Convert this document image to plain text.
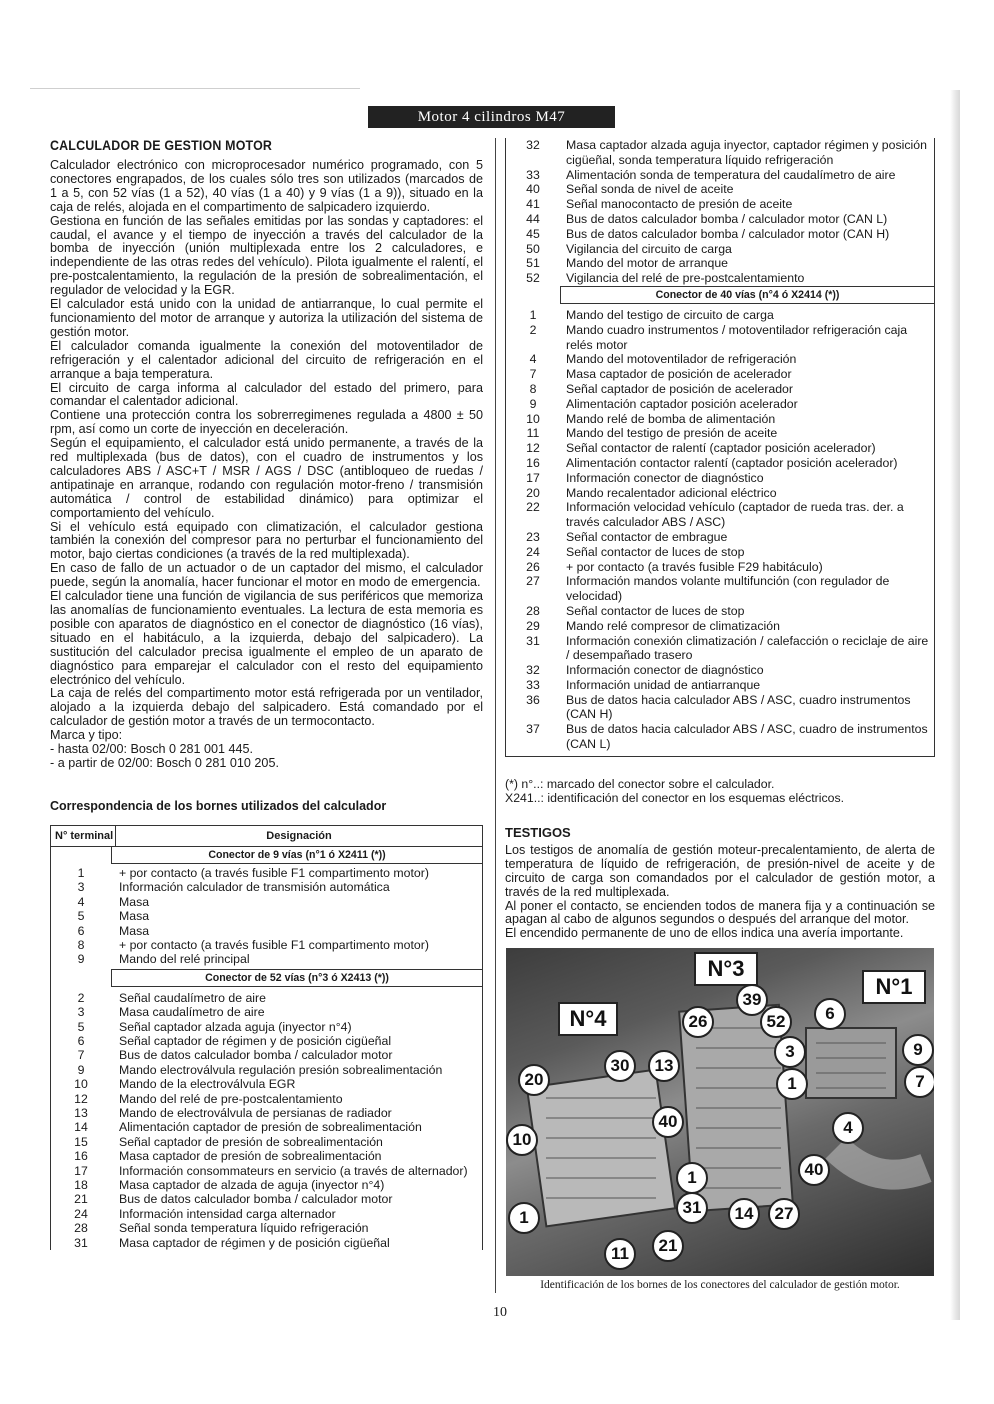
Motor 4 cilindros M47
CALCULADOR DE GESTION MOTOR

Calculador electrónico con microprocesador numérico programado, con 5 conectores engrapados, de los cuales sólo tres son utilizados (marcados de 1 a 5, con 52 vías (1 a 52), 40 vías (1 a 40) y 9 vías (1 a 9)), situado en la caja de relés, alojada en el compartimento de salpicadero izquierdo.

Gestiona en función de las señales emitidas por las sondas y captadores: el caudal, el avance y el tiempo de inyección a través del calculador de la bomba de inyección (unión multiplexada entre los 2 calculadores, e independiente de las otras redes del vehículo). Pilota igualmente el ralentí, el pre-postcalentamiento, la regulación de la presión de sobrealimentación, el regulador de velocidad y la EGR.

El calculador está unido con la unidad de antiarranque, lo cual permite el funcionamiento del motor de arranque y autoriza la utilización del sistema de gestión motor.

El calculador comanda igualmente la conexión del motoventilador de refrigeración y el calentador adicional del circuito de refrigeración en el arranque a baja temperatura.

El circuito de carga informa al calculador del estado del primero, para comandar el calentador adicional.

Contiene una protección contra los sobrerregimenes regulada a 4800 ± 50 rpm, así como un corte de inyección en deceleración.

Según el equipamiento, el calculador está unido permanente, a través de la red multiplexada (bus de datos), con el cuadro de instrumentos y los calculadores ABS / ASC+T / MSR / AGS / DSC (antibloqueo de ruedas / antipatinaje en arranque, rodando con regulación motor-freno / transmisión automática / control de estabilidad dinámico) para optimizar el comportamiento del vehículo.

Si el vehículo está equipado con climatización, el calculador gestiona también la conexión del compresor para no perturbar el funcionamiento del motor, bajo ciertas condiciones (a través de la red multiplexada).

En caso de fallo de un actuador o de un captador del mismo, el calculador puede, según la anomalía, hacer funcionar el motor en modo de emergencia.

El calculador tiene una función de vigilancia de sus periféricos que memoriza las anomalías de funcionamiento eventuales. La lectura de esta memoria es posible con aparatos de diagnóstico en el conector de diagnóstico (16 vías), situado en el habitáculo, a la izquierda, debajo del salpicadero). La sustitución del calculador precisa igualmente el empleo de un aparato de diagnóstico para emparejar el calculador con el resto del equipamiento electrónico del vehículo.

La caja de relés del compartimento motor está refrigerada por un ventilador, alojado a la izquierda debajo del salpicadero. Está comandado por el calculador de gestión motor a través de un termocontacto.

Marca y tipo:

- hasta 02/00: Bosch 0 281 001 445.

- a partir de 02/00: Bosch 0 281 010 205.

Correspondencia de los bornes utilizados del calculador
N° terminal	Designación
Conector de 9 vías (n°1 ó X2411 (*))
1	+ por contacto (a través fusible F1 compartimento motor)
3	Información calculador de transmisión automática
4	Masa
5	Masa
6	Masa
8	+ por contacto (a través fusible F1 compartimento motor)
9	Mando del relé principal
Conector de 52 vías (n°3 ó X2413 (*))
2	Señal caudalímetro de aire
3	Masa caudalímetro de aire
5	Señal captador alzada aguja (inyector n°4)
6	Señal captador de régimen y de posición cigüeñal
7	Bus de datos calculador bomba / calculador motor
9	Mando electroválvula regulación presión sobrealimentación
10	Mando de la electroválvula EGR
12	Mando del relé de pre-postcalentamiento
13	Mando de electroválvula de persianas de radiador
14	Alimentación captador de presión de sobrealimentación
15	Señal captador de presión de sobrealimentación
16	Masa captador de presión de sobrealimentación
17	Información consommateurs en servicio (a través de alternador)
18	Masa captador de alzada de aguja (inyector n°4)
21	Bus de datos calculador bomba / calculador motor
24	Información intensidad carga alternador
28	Señal sonda temperatura líquido refrigeración
31	Masa captador de régimen y de posición cigüeñal
32	Masa captador alzada aguja inyector, captador régimen y posición cigüeñal, sonda temperatura líquido refrigeración
33	Alimentación sonda de temperatura del caudalímetro de aire
40	Señal sonda de nivel de aceite
41	Señal manocontacto de presión de aceite
44	Bus de datos calculador bomba / calculador motor (CAN L)
45	Bus de datos calculador bomba / calculador motor (CAN H)
50	Vigilancia del circuito de carga
51	Mando del motor de arranque
52	Vigilancia del relé de pre-postcalentamiento
Conector de 40 vías (n°4 ó X2414 (*))
1	Mando del testigo de circuito de carga
2	Mando cuadro instrumentos / motoventilador refrigeración caja relés motor
4	Mando del motoventilador de refrigeración
7	Masa captador de posición de acelerador
8	Señal captador de posición de acelerador
9	Alimentación captador posición acelerador
10	Mando relé de bomba de alimentación
11	Mando del testigo de presión de aceite
12	Señal contactor de ralentí (captador posición acelerador)
16	Alimentación contactor ralentí (captador posición acelerador)
17	Información conector de diagnóstico
20	Mando recalentador adicional eléctrico
22	Información velocidad vehículo (captador de rueda tras. der. a través calculador ABS / ASC)
23	Señal contactor de embrague
24	Señal contactor de luces de stop
26	+ por contacto (a través fusible F29 habitáculo)
27	Información mandos volante multifunción (con regulador de velocidad)
28	Señal contactor de luces de stop
29	Mando relé compresor de climatización
31	Información conexión climatización / calefacción o reciclaje de aire / desempañado trasero
32	Información conector de diagnóstico
33	Información unidad de antiarranque
36	Bus de datos hacia calculador ABS / ASC, cuadro instrumentos (CAN H)
37	Bus de datos hacia calculador ABS / ASC, cuadro de instrumentos (CAN L)
(*) n°..: marcado del conector sobre el calculador.
X241..: identificación del conector en los esquemas eléctricos.
TESTIGOS

Los testigos de anomalía de gestión moteur-precalentamiento, de alerta de temperatura de líquido de refrigeración, de presión-nivel de aceite y de circuito de carga son comandados por el calculador de gestión motor, a través de la red multiplexada.

Al poner el contacto, se encienden todos de manera fija y a continuación se apagan al cabo de algunos segundos o después del arranque del motor.

El encendido permanente de uno de ellos indica una avería importante.

N°3
N°1
N°4
39
26	52	6
3	9
1	7
4
30	13
20
40
40
10
1
31	14	27
1
21
11
Identificación de los bornes de los conectores del calculador de gestión motor.
10
